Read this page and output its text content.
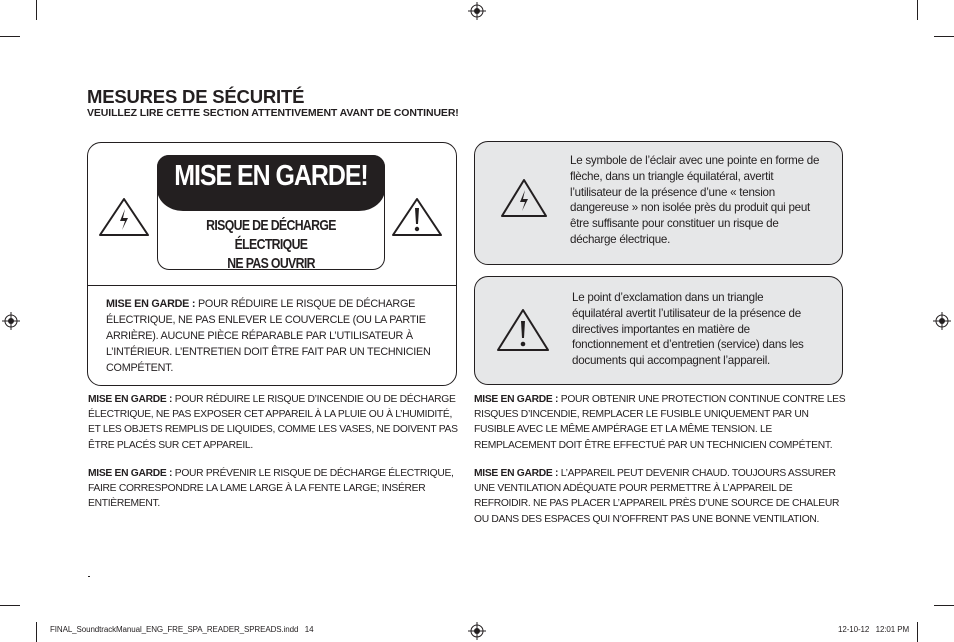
MESURES DE SÉCURITÉ
VEUILLEZ LIRE CETTE SECTION ATTENTIVEMENT AVANT DE CONTINUER!
MISE EN GARDE!
RISQUE DE DÉCHARGE ÉLECTRIQUE
NE PAS OUVRIR
MISE EN GARDE : POUR RÉDUIRE LE RISQUE DE DÉCHARGE ÉLECTRIQUE, NE PAS ENLEVER LE COUVERCLE (OU LA PARTIE ARRIÈRE). AUCUNE PIÈCE RÉPARABLE PAR L’UTILISATEUR À L’INTÉRIEUR. L’ENTRETIEN DOIT ÊTRE FAIT PAR UN TECHNICIEN COMPÉTENT.
Le symbole de l’éclair avec une pointe en forme de flèche, dans un triangle équilatéral, avertit l’utilisateur de la présence d’une « tension dangereuse » non isolée près du produit qui peut être suffisante pour constituer un risque de décharge électrique.
Le point d’exclamation dans un triangle équilatéral avertit l’utilisateur de la présence de directives importantes en matière de fonctionnement et d’entretien (service) dans les documents qui accompagnent l’appareil.
MISE EN GARDE : POUR RÉDUIRE LE RISQUE D’INCENDIE OU DE DÉCHARGE ÉLECTRIQUE, NE PAS EXPOSER CET APPAREIL À LA PLUIE OU À L’HUMIDITÉ, ET LES OBJETS REMPLIS DE LIQUIDES, COMME LES VASES, NE DOIVENT PAS ÊTRE PLACÉS SUR CET APPAREIL.
MISE EN GARDE : POUR PRÉVENIR LE RISQUE DE DÉCHARGE ÉLECTRIQUE, FAIRE CORRESPONDRE LA LAME LARGE À LA FENTE LARGE; INSÉRER ENTIÈREMENT.
MISE EN GARDE : POUR OBTENIR UNE PROTECTION CONTINUE CONTRE LES RISQUES D’INCENDIE, REMPLACER LE FUSIBLE UNIQUEMENT PAR UN FUSIBLE AVEC LE MÊME AMPÉRAGE ET LA MÊME TENSION. LE REMPLACEMENT DOIT ÊTRE EFFECTUÉ PAR UN TECHNICIEN COMPÉTENT.
MISE EN GARDE : L’APPAREIL PEUT DEVENIR CHAUD. TOUJOURS ASSURER UNE VENTILATION ADÉQUATE POUR PERMETTRE À L’APPAREIL DE REFROIDIR. NE PAS PLACER L’APPAREIL PRÈS D’UNE SOURCE DE CHALEUR OU DANS DES ESPACES QUI N’OFFRENT PAS UNE BONNE VENTILATION.
FINAL_SoundtrackManual_ENG_FRE_SPA_READER_SPREADS.indd   14	12-10-12   12:01 PM
